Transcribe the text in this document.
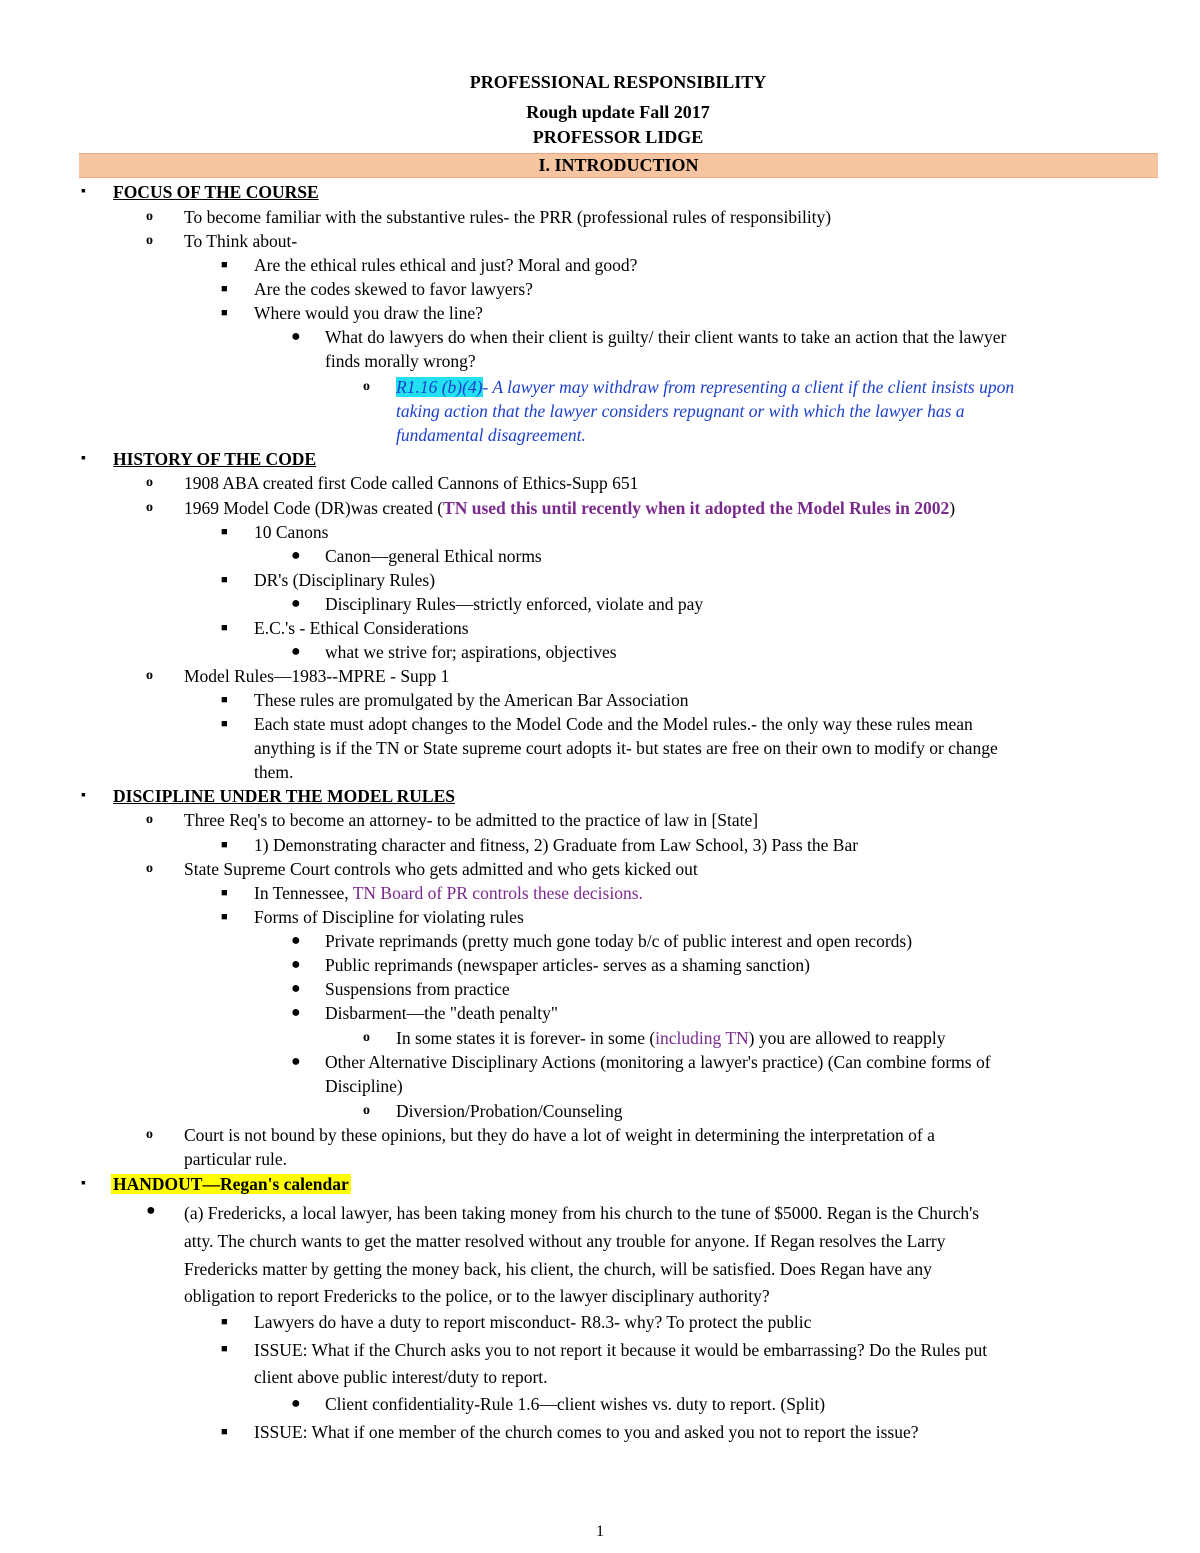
PROFESSIONAL RESPONSIBILITY

Rough update Fall 2017

PROFESSOR LIDGE

I. INTRODUCTION
▪ FOCUS OF THE COURSE

o To become familiar with the substantive rules- the PRR (professional rules of responsibility)

o To Think about-

■ Are the ethical rules ethical and just? Moral and good?

■ Are the codes skewed to favor lawyers?

■ Where would you draw the line?

● What do lawyers do when their client is guilty/ their client wants to take an action that the lawyer

finds morally wrong?

o R1.16 (b)(4)- A lawyer may withdraw from representing a client if the client insists upon

taking action that the lawyer considers repugnant or with which the lawyer has a

fundamental disagreement.

▪ HISTORY OF THE CODE

o 1908 ABA created first Code called Cannons of Ethics-Supp 651

o 1969 Model Code (DR)was created (TN used this until recently when it adopted the Model Rules in 2002)

■ 10 Canons

● Canon—general Ethical norms

■ DR's (Disciplinary Rules)

● Disciplinary Rules—strictly enforced, violate and pay

■ E.C.'s - Ethical Considerations

● what we strive for; aspirations, objectives

o Model Rules—1983--MPRE - Supp 1

■ These rules are promulgated by the American Bar Association

■ Each state must adopt changes to the Model Code and the Model rules.- the only way these rules mean

anything is if the TN or State supreme court adopts it- but states are free on their own to modify or change

them.

▪ DISCIPLINE UNDER THE MODEL RULES

o Three Req's to become an attorney- to be admitted to the practice of law in [State]

■ 1) Demonstrating character and fitness, 2) Graduate from Law School, 3) Pass the Bar

o State Supreme Court controls who gets admitted and who gets kicked out

■ In Tennessee, TN Board of PR controls these decisions.

■ Forms of Discipline for violating rules

● Private reprimands (pretty much gone today b/c of public interest and open records)

● Public reprimands (newspaper articles- serves as a shaming sanction)

● Suspensions from practice

● Disbarment—the "death penalty"

o In some states it is forever- in some (including TN) you are allowed to reapply

● Other Alternative Disciplinary Actions (monitoring a lawyer's practice) (Can combine forms of

Discipline)

o Diversion/Probation/Counseling

o Court is not bound by these opinions, but they do have a lot of weight in determining the interpretation of a

particular rule.

▪ HANDOUT—Regan's calendar

● (a) Fredericks, a local lawyer, has been taking money from his church to the tune of $5000. Regan is the Church's

atty. The church wants to get the matter resolved without any trouble for anyone. If Regan resolves the Larry

Fredericks matter by getting the money back, his client, the church, will be satisfied. Does Regan have any

obligation to report Fredericks to the police, or to the lawyer disciplinary authority?

■ Lawyers do have a duty to report misconduct- R8.3- why? To protect the public

■ ISSUE: What if the Church asks you to not report it because it would be embarrassing? Do the Rules put

client above public interest/duty to report.

● Client confidentiality-Rule 1.6—client wishes vs. duty to report. (Split)

■ ISSUE: What if one member of the church comes to you and asked you not to report the issue?

1
